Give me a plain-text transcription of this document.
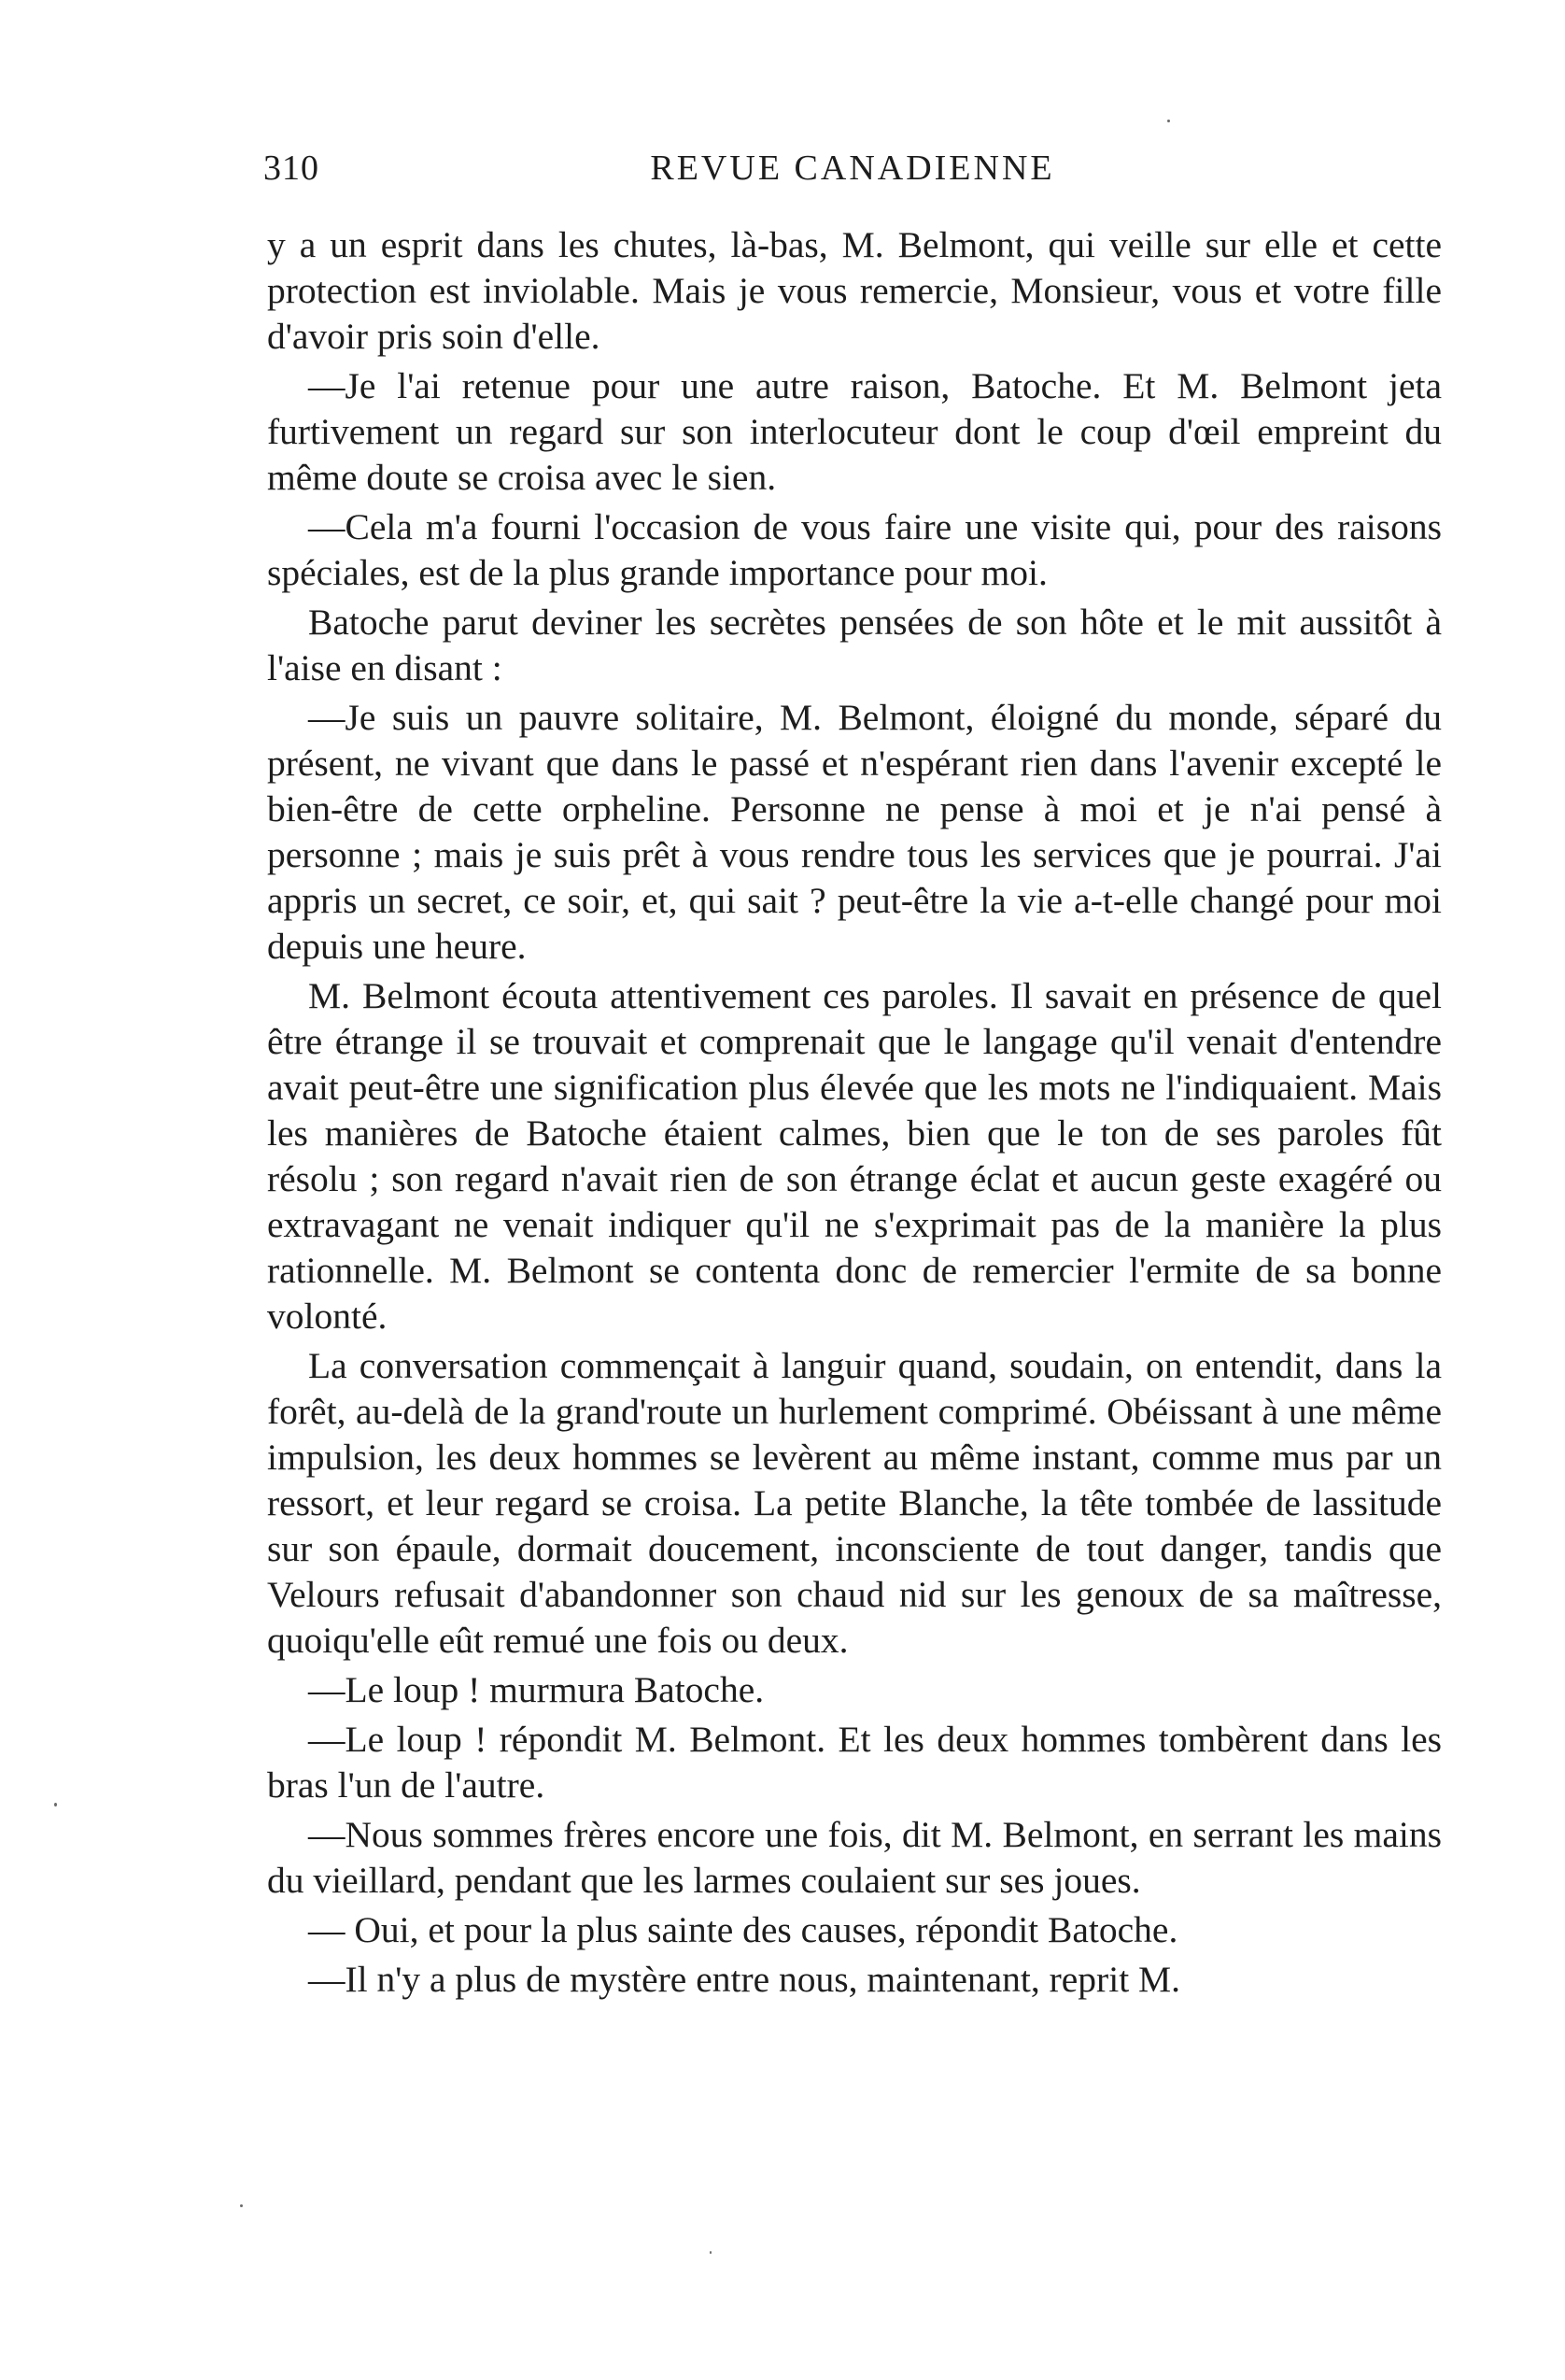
310	REVUE CANADIENNE

y a un esprit dans les chutes, là-bas, M. Belmont, qui veille sur elle et cette protection est inviolable. Mais je vous remercie, Monsieur, vous et votre fille d'avoir pris soin d'elle.

—Je l'ai retenue pour une autre raison, Batoche. Et M. Belmont jeta furtivement un regard sur son interlocuteur dont le coup d'œil empreint du même doute se croisa avec le sien.

—Cela m'a fourni l'occasion de vous faire une visite qui, pour des raisons spéciales, est de la plus grande importance pour moi.

Batoche parut deviner les secrètes pensées de son hôte et le mit aussitôt à l'aise en disant :

—Je suis un pauvre solitaire, M. Belmont, éloigné du monde, séparé du présent, ne vivant que dans le passé et n'espérant rien dans l'avenir excepté le bien-être de cette orpheline. Personne ne pense à moi et je n'ai pensé à personne ; mais je suis prêt à vous rendre tous les services que je pourrai. J'ai appris un secret, ce soir, et, qui sait ? peut-être la vie a-t-elle changé pour moi depuis une heure.

M. Belmont écouta attentivement ces paroles. Il savait en présence de quel être étrange il se trouvait et comprenait que le langage qu'il venait d'entendre avait peut-être une signification plus élevée que les mots ne l'indiquaient. Mais les manières de Batoche étaient calmes, bien que le ton de ses paroles fût résolu ; son regard n'avait rien de son étrange éclat et aucun geste exagéré ou extravagant ne venait indiquer qu'il ne s'exprimait pas de la manière la plus rationnelle. M. Belmont se contenta donc de remercier l'ermite de sa bonne volonté.

La conversation commençait à languir quand, soudain, on entendit, dans la forêt, au-delà de la grand'route un hurlement comprimé. Obéissant à une même impulsion, les deux hommes se levèrent au même instant, comme mus par un ressort, et leur regard se croisa. La petite Blanche, la tête tombée de lassitude sur son épaule, dormait doucement, inconsciente de tout danger, tandis que Velours refusait d'abandonner son chaud nid sur les genoux de sa maîtresse, quoiqu'elle eût remué une fois ou deux.

—Le loup ! murmura Batoche.

—Le loup ! répondit M. Belmont. Et les deux hommes tombèrent dans les bras l'un de l'autre.

—Nous sommes frères encore une fois, dit M. Belmont, en serrant les mains du vieillard, pendant que les larmes coulaient sur ses joues.

— Oui, et pour la plus sainte des causes, répondit Batoche.

—Il n'y a plus de mystère entre nous, maintenant, reprit M.
